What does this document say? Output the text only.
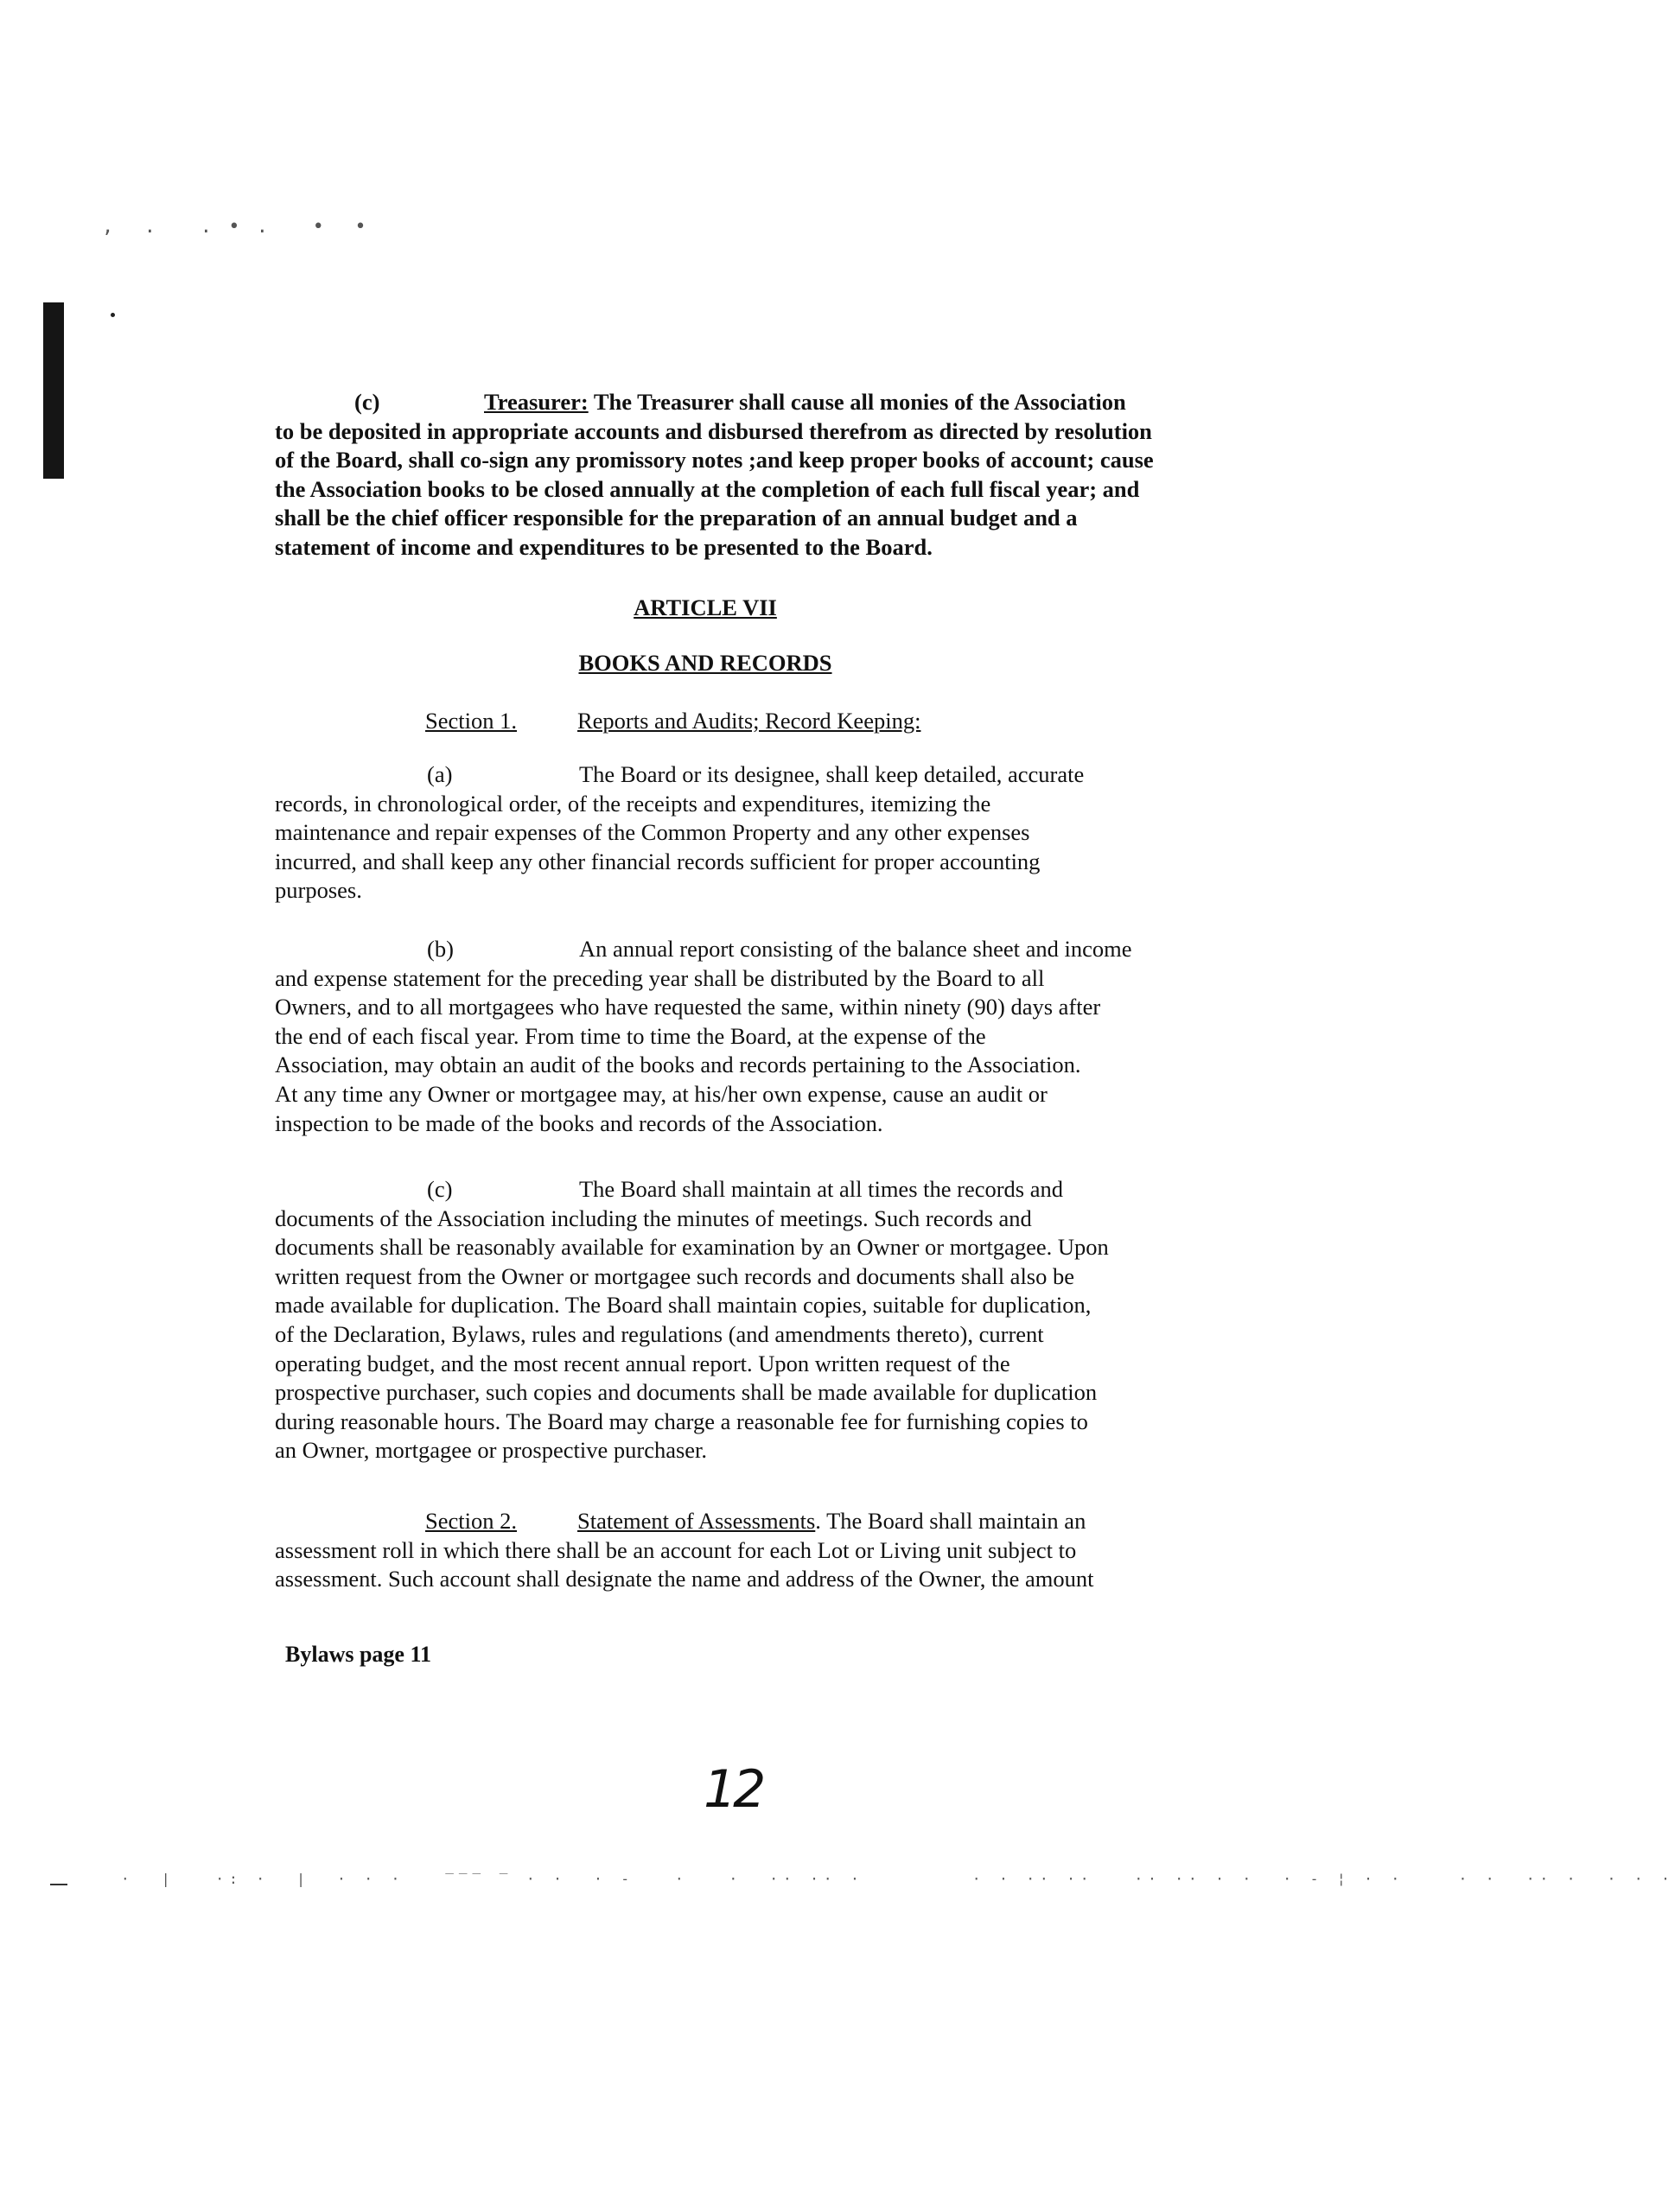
,  .   . • .   •  •
·  |   ·: ·  |  · · ·   ‾‾‾ ‾ · ·  · -   ·   ·  ·· ·· ·        · · ·· ··   ·· ·· · ·  · - ¦ · ·    · ·  ·· ·  · · ·

(c)	Treasurer: The Treasurer shall cause all monies of the Association

to be deposited in appropriate accounts and disbursed therefrom as directed by resolution

of the Board, shall co-sign any promissory notes ;and keep proper books of account; cause

the Association books to be closed annually at the completion of each full fiscal year; and

shall be the chief officer responsible for the preparation of an annual budget and a

statement of income and expenditures to be presented to the Board.

ARTICLE VII
BOOKS AND RECORDS
Section 1.	Reports and Audits; Record Keeping:

(a)	The Board or its designee, shall keep detailed, accurate

records, in chronological order, of the receipts and expenditures, itemizing the

maintenance and repair expenses of the Common Property and any other expenses

incurred, and shall keep any other financial records sufficient for proper accounting

purposes.

(b)	An annual report consisting of the balance sheet and income

and expense statement for the preceding year shall be distributed by the Board to all

Owners, and to all mortgagees who have requested the same, within ninety (90) days after

the end of each fiscal year. From time to time the Board, at the expense of the

Association, may obtain an audit of the books and records pertaining to the Association.

At any time any Owner or mortgagee may, at his/her own expense, cause an audit or

inspection to be made of the books and records of the Association.

(c)	The Board shall maintain at all times the records and

documents of the Association including the minutes of meetings. Such records and

documents shall be reasonably available for examination by an Owner or mortgagee. Upon

written request from the Owner or mortgagee such records and documents shall also be

made available for duplication. The Board shall maintain copies, suitable for duplication,

of the Declaration, Bylaws, rules and regulations (and amendments thereto), current

operating budget, and the most recent annual report. Upon written request of the

prospective purchaser, such copies and documents shall be made available for duplication

during reasonable hours. The Board may charge a reasonable fee for furnishing copies to

an Owner, mortgagee or prospective purchaser.

Section 2.	Statement of Assessments. The Board shall maintain an

assessment roll in which there shall be an account for each Lot or Living unit subject to

assessment. Such account shall designate the name and address of the Owner, the amount

Bylaws page 11
12
